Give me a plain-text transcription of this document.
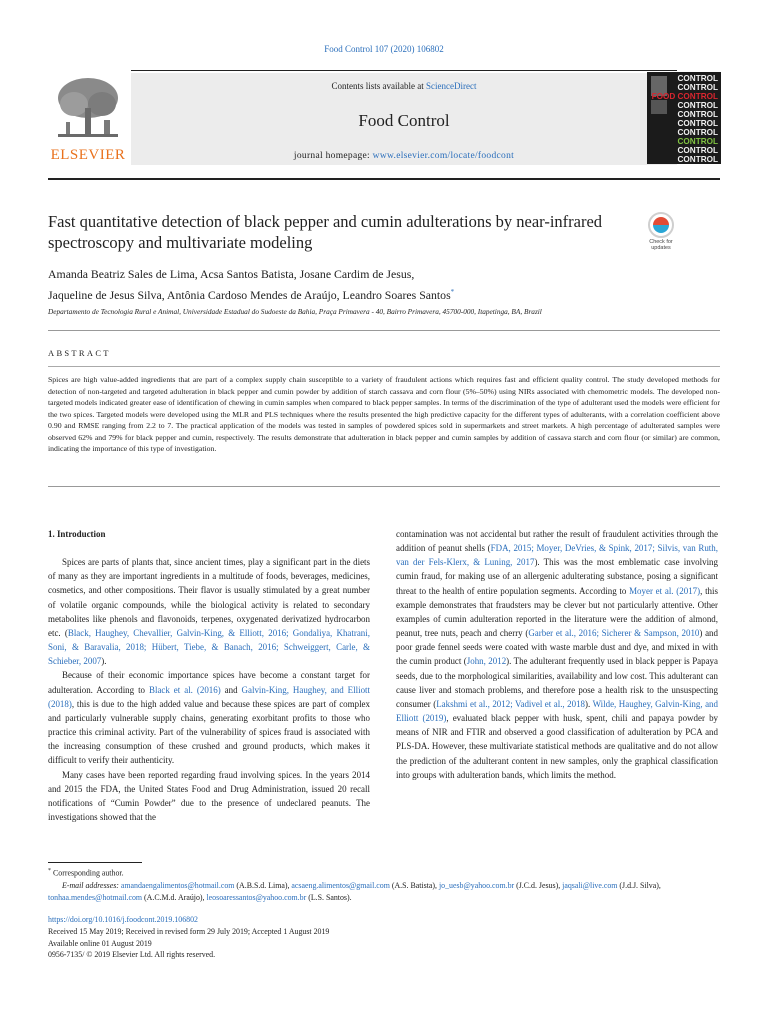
Food Control 107 (2020) 106802
ELSEVIER
Contents lists available at ScienceDirect
Food Control
journal homepage: www.elsevier.com/locate/foodcont
CONTROL
CONTROL
FOOD CONTROL
CONTROL
CONTROL
CONTROL
CONTROL
CONTROL
CONTROL
CONTROL
Fast quantitative detection of black pepper and cumin adulterations by near-infrared spectroscopy and multivariate modeling	Check for
updates
Amanda Beatriz Sales de Lima, Acsa Santos Batista, Josane Cardim de Jesus,
Jaqueline de Jesus Silva, Antônia Cardoso Mendes de Araújo, Leandro Soares Santos*
Departamento de Tecnologia Rural e Animal, Universidade Estadual do Sudoeste da Bahia, Praça Primavera - 40, Bairro Primavera, 45700-000, Itapetinga, BA, Brazil
ABSTRACT
Spices are high value-added ingredients that are part of a complex supply chain susceptible to a variety of fraudulent actions which requires fast and efficient quality control. The study developed methods for detection of non-targeted and targeted adulteration in black pepper and cumin powder by addition of starch cassava and corn flour (5%–50%) using NIRs associated with chemometric models. The developed non-targeted models indicated greater ease of identification of chewing in cumin samples when compared to black pepper samples. In terms of the discrimination of the type of adulterant used the models were efficient for the two spices. Targeted models were developed using the MLR and PLS techniques where the results presented the high predictive capacity for the different types of adulterants, with a correlation coefficient above 0.90 and RMSE ranging from 2.2 to 7. The practical application of the models was tested in samples of powdered spices sold in supermarkets and street markets. A high percentage of adulterated samples were observed 62% and 79% for black pepper and cumin, respectively. The results demonstrate that adulteration in black pepper and cumin samples by addition of cassava starch and corn flour (or similar) are common, indicating the importance of this type of investigation.

1. Introduction

Spices are parts of plants that, since ancient times, play a significant part in the diets of many as they are important ingredients in a multitude of foods, beverages, medicines, cosmetics, and other compositions. Their flavor is usually stimulated by a great number of volatile organic compounds, while the biological activity is related to secondary metabolites like phenols and flavonoids, terpenes, oxygenated derivatized hydrocarbon etc. (Black, Haughey, Chevallier, Galvin-King, & Elliott, 2016; Gondaliya, Khatrani, Soni, & Baravalia, 2018; Hübert, Tiebe, & Banach, 2016; Schweiggert, Carle, & Schieber, 2007).

Because of their economic importance spices have become a constant target for adulteration. According to Black et al. (2016) and Galvin-King, Haughey, and Elliott (2018), this is due to the high added value and because these spices are part of complex and particularly vulnerable supply chains, generating exorbitant profits to those who practice this criminal activity. Part of the vulnerability of spices fraud is associated with the increasing consumption of these crushed and ground products, which makes it difficult to verify their authenticity.

Many cases have been reported regarding fraud involving spices. In the years 2014 and 2015 the FDA, the United States Food and Drug Administration, issued 20 recall notifications of “Cumin Powder” due to the presence of undeclared peanuts. The investigations showed that the

contamination was not accidental but rather the result of fraudulent activities through the addition of peanut shells (FDA, 2015; Moyer, DeVries, & Spink, 2017; Silvis, van Ruth, van der Fels-Klerx, & Luning, 2017). This was the most emblematic case involving cumin fraud, for making use of an allergenic adulterating substance, posing a significant threat to the health of entire population segments. According to Moyer et al. (2017), this example demonstrates that fraudsters may be clever but not particularly attentive. Other examples of cumin adulteration reported in the literature were the addition of almond, peanut, tree nuts, peach and cherry (Garber et al., 2016; Sicherer & Sampson, 2010) and poor grade fennel seeds were coated with waste marble dust and dye, and mixed in with the cumin product (John, 2012). The adulterant frequently used in black pepper is Papaya seeds, due to the morphological similarities, availability and low cost. This adulterant can cause liver and stomach problems, and therefore pose a health risk to the unsuspecting consumer (Lakshmi et al., 2012; Vadivel et al., 2018). Wilde, Haughey, Galvin-King, and Elliott (2019), evaluated black pepper with husk, spent, chili and papaya powder by means of NIR and FTIR and observed a good classification of adulteration by PCA and PLS-DA. However, these multivariate statistical methods are qualitative and do not allow the prediction of the adulterant content in new samples, only the graphical classification into groups with adulteration bands, which limits the method.

* Corresponding author.
E-mail addresses: amandaengalimentos@hotmail.com (A.B.S.d. Lima), acsaeng.alimentos@gmail.com (A.S. Batista), jo_uesb@yahoo.com.br (J.C.d. Jesus), jaqsali@live.com (J.d.J. Silva), tonhaa.mendes@hotmail.com (A.C.M.d. Araújo), leosoaressantos@yahoo.com.br (L.S. Santos).
https://doi.org/10.1016/j.foodcont.2019.106802
Received 15 May 2019; Received in revised form 29 July 2019; Accepted 1 August 2019
Available online 01 August 2019
0956-7135/ © 2019 Elsevier Ltd. All rights reserved.
